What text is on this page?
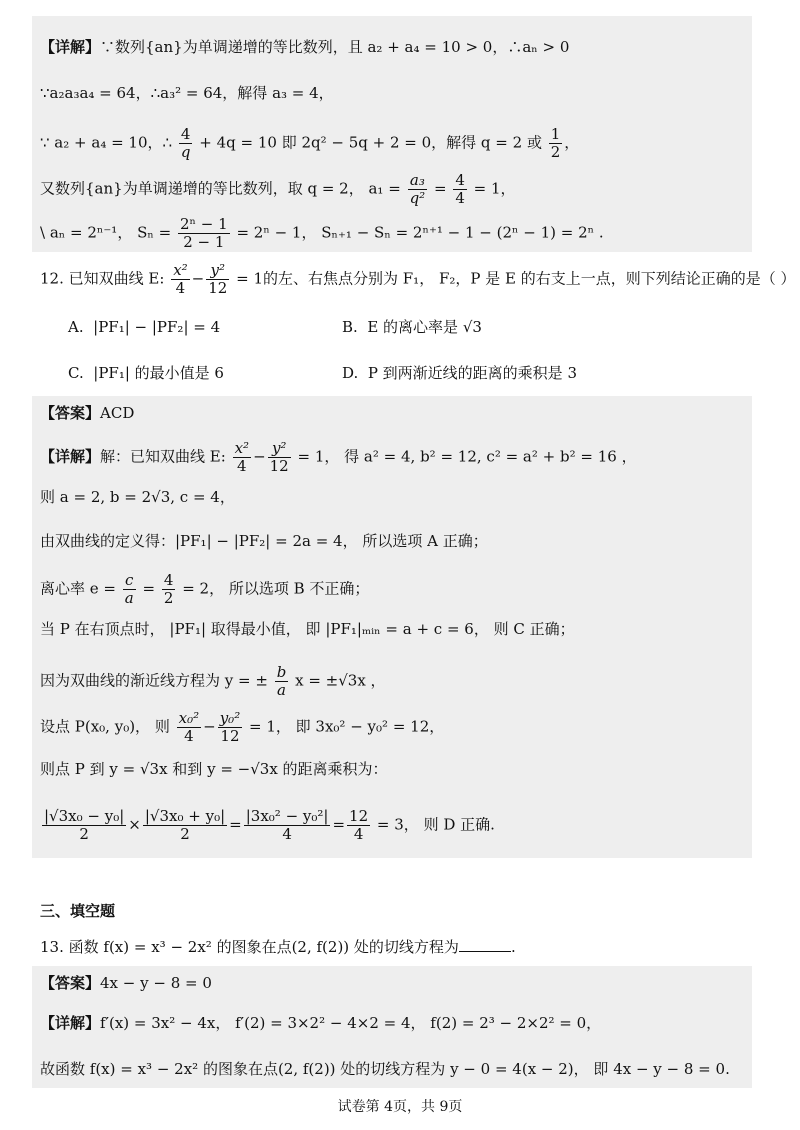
【详解】∵数列{an}为单调递增的等比数列，且 a₂ + a₄ = 10 > 0，∴aₙ > 0
∵a₂a₃a₄ = 64，∴a₃² = 64，解得 a₃ = 4，
∵ a₂ + a₄ = 10，∴ $\frac{4}{q} + 4q = 10$ 即 2q² − 5q + 2 = 0，解得 q = 2 或 $\frac{1}{2}$ ，
又数列{an}为单调递增的等比数列，取 q = 2， $a_1 = \frac{\text{a₃}}{\text{q²}} = \frac{4}{4} = 1$，
\ aₙ = 2ⁿ⁻¹， $S_n = \frac{\text{2ⁿ − 1}}{2 - 1} = 2^n - 1$， Sₙ₊₁ − Sₙ = 2ⁿ⁺¹ − 1 − (2ⁿ − 1) = 2ⁿ .
12. 已知双曲线 E: $\frac{\text{x²}}{4} - \frac{\text{y²}}{12} = 1$的左、右焦点分别为 F₁， F₂，P 是 E 的右支上一点，则下列结论正确的是（ ）
A. |PF₁| − |PF₂| = 4	B. E 的离心率是 √3
C. |PF₁| 的最小值是 6	D. P 到两渐近线的距离的乘积是 3
【答案】ACD
【详解】解：已知双曲线 E: $\frac{\text{x²}}{4} - \frac{\text{y²}}{12} = 1$， 得 a² = 4, b² = 12, c² = a² + b² = 16 ，
则 a = 2, b = 2√3, c = 4，
由双曲线的定义得：|PF₁| − |PF₂| = 2a = 4， 所以选项 A 正确；
离心率 $e = \frac{c}{a} = \frac{4}{2} = 2$， 所以选项 B 不正确；
当 P 在右顶点时， |PF₁| 取得最小值， 即 |PF₁|ₘᵢₙ = a + c = 6， 则 C 正确；
因为双曲线的渐近线方程为 y = ± $\frac{b}{a}$ x = ±√3x ，
设点 P(x₀, y₀)， 则 $\frac{\text{x₀²}}{4} - \frac{\text{y₀²}}{12} = 1$， 即 3x₀² − y₀² = 12，
则点 P 到 y = √3x 和到 y = −√3x 的距离乘积为：
$\frac{\text{|√3x₀ − y₀|}}{2} \times \frac{\text{|√3x₀ + y₀|}}{2} = \frac{\text{|3x₀² − y₀²|}}{4} = \frac{12}{4} = 3$， 则 D 正确.
三、填空题
13. 函数 f(x) = x³ − 2x² 的图象在点(2, f(2)) 处的切线方程为	.
【答案】4x − y − 8 = 0
【详解】f′(x) = 3x² − 4x， f′(2) = 3×2² − 4×2 = 4， f(2) = 2³ − 2×2² = 0，
故函数 f(x) = x³ − 2x² 的图象在点(2, f(2)) 处的切线方程为 y − 0 = 4(x − 2)， 即 4x − y − 8 = 0.
试卷第 4页，共 9页
